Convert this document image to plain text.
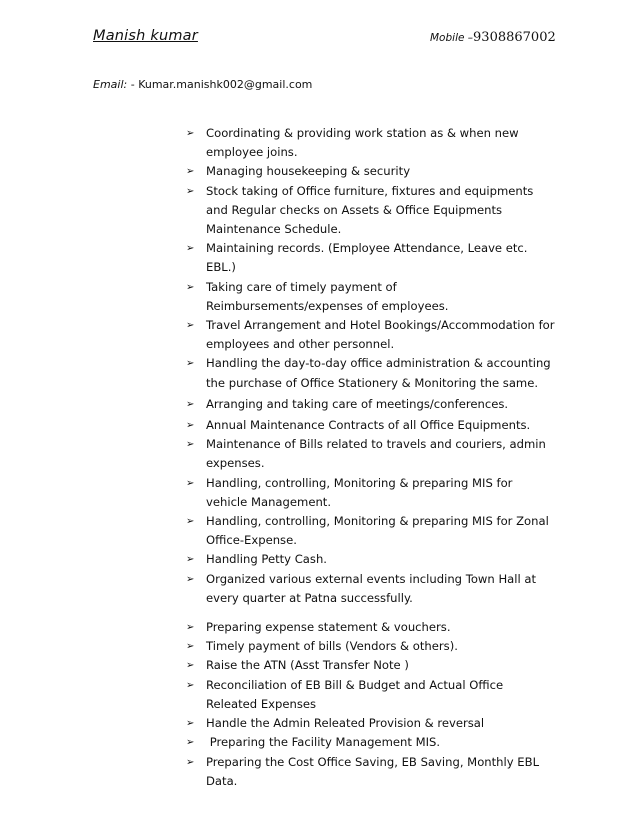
Manish kumar	Mobile –9308867002
Email: - Kumar.manishk002@gmail.com
➢ Coordinating & providing work station as & when new employee joins.
➢ Managing housekeeping & security
➢ Stock taking of Office furniture, fixtures and equipments and Regular checks on Assets & Office Equipments Maintenance Schedule.
➢ Maintaining records. (Employee Attendance, Leave etc. EBL.)
➢ Taking care of timely payment of Reimbursements/expenses of employees.
➢ Travel Arrangement and Hotel Bookings/Accommodation for employees and other personnel.
➢ Handling the day-to-day office administration & accounting the purchase of Office Stationery & Monitoring the same.
➢ Arranging and taking care of meetings/conferences.
➢ Annual Maintenance Contracts of all Office Equipments.
➢ Maintenance of Bills related to travels and couriers, admin expenses.
➢ Handling, controlling, Monitoring & preparing MIS for vehicle Management.
➢ Handling, controlling, Monitoring & preparing MIS for Zonal Office-Expense.
➢ Handling Petty Cash.
➢ Organized various external events including Town Hall at every quarter at Patna successfully.
➢ Preparing expense statement & vouchers.
➢ Timely payment of bills (Vendors & others).
➢ Raise the ATN (Asst Transfer Note )
➢ Reconciliation of EB Bill & Budget and Actual Office Releated Expenses
➢ Handle the Admin Releated Provision & reversal
➢ Preparing the Facility Management MIS.
➢ Preparing the Cost Office Saving, EB Saving, Monthly EBL Data.
